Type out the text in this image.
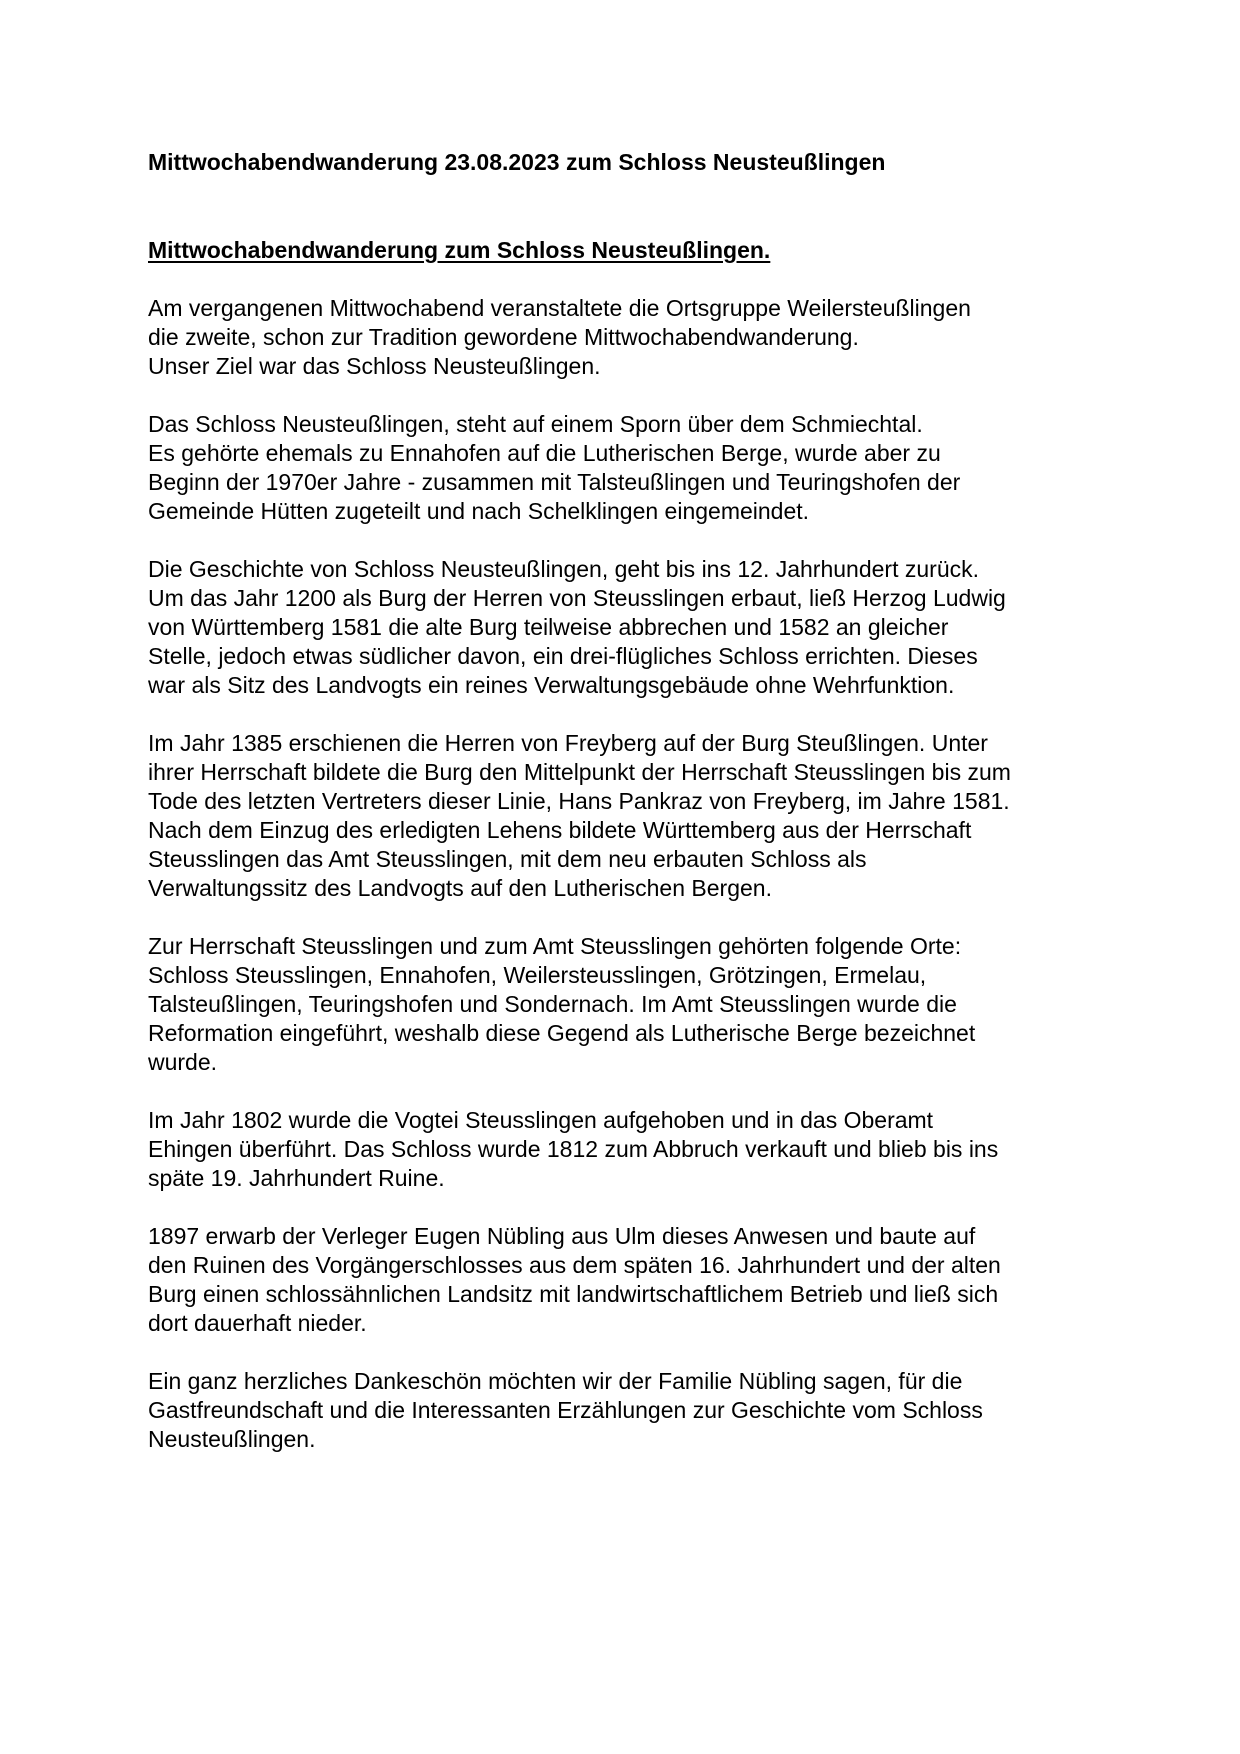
Mittwochabendwanderung 23.08.2023 zum Schloss Neusteußlingen
Mittwochabendwanderung zum Schloss Neusteußlingen.

Am vergangenen Mittwochabend veranstaltete die Ortsgruppe Weilersteußlingen
die zweite, schon zur Tradition gewordene Mittwochabendwanderung.
Unser Ziel war das Schloss Neusteußlingen.

Das Schloss Neusteußlingen, steht auf einem Sporn über dem Schmiechtal.
Es gehörte ehemals zu Ennahofen auf die Lutherischen Berge, wurde aber zu
Beginn der 1970er Jahre - zusammen mit Talsteußlingen und Teuringshofen der
Gemeinde Hütten zugeteilt und nach Schelklingen eingemeindet.

Die Geschichte von Schloss Neusteußlingen, geht bis ins 12. Jahrhundert zurück.
Um das Jahr 1200 als Burg der Herren von Steusslingen erbaut, ließ Herzog Ludwig
von Württemberg 1581 die alte Burg teilweise abbrechen und 1582 an gleicher
Stelle, jedoch etwas südlicher davon, ein drei-flügliches Schloss errichten. Dieses
war als Sitz des Landvogts ein reines Verwaltungsgebäude ohne Wehrfunktion.

Im Jahr 1385 erschienen die Herren von Freyberg auf der Burg Steußlingen. Unter
ihrer Herrschaft bildete die Burg den Mittelpunkt der Herrschaft Steusslingen bis zum
Tode des letzten Vertreters dieser Linie, Hans Pankraz von Freyberg, im Jahre 1581.
Nach dem Einzug des erledigten Lehens bildete Württemberg aus der Herrschaft
Steusslingen das Amt Steusslingen, mit dem neu erbauten Schloss als
Verwaltungssitz des Landvogts auf den Lutherischen Bergen.

Zur Herrschaft Steusslingen und zum Amt Steusslingen gehörten folgende Orte:
Schloss Steusslingen, Ennahofen, Weilersteusslingen, Grötzingen, Ermelau,
Talsteußlingen, Teuringshofen und Sondernach. Im Amt Steusslingen wurde die
Reformation eingeführt, weshalb diese Gegend als Lutherische Berge bezeichnet
wurde.

Im Jahr 1802 wurde die Vogtei Steusslingen aufgehoben und in das Oberamt
Ehingen überführt. Das Schloss wurde 1812 zum Abbruch verkauft und blieb bis ins
späte 19. Jahrhundert Ruine.

1897 erwarb der Verleger Eugen Nübling aus Ulm dieses Anwesen und baute auf
den Ruinen des Vorgängerschlosses aus dem späten 16. Jahrhundert und der alten
Burg einen schlossähnlichen Landsitz mit landwirtschaftlichem Betrieb und ließ sich
dort dauerhaft nieder.

Ein ganz herzliches Dankeschön möchten wir der Familie Nübling sagen, für die
Gastfreundschaft und die Interessanten Erzählungen zur Geschichte vom Schloss
Neusteußlingen.
